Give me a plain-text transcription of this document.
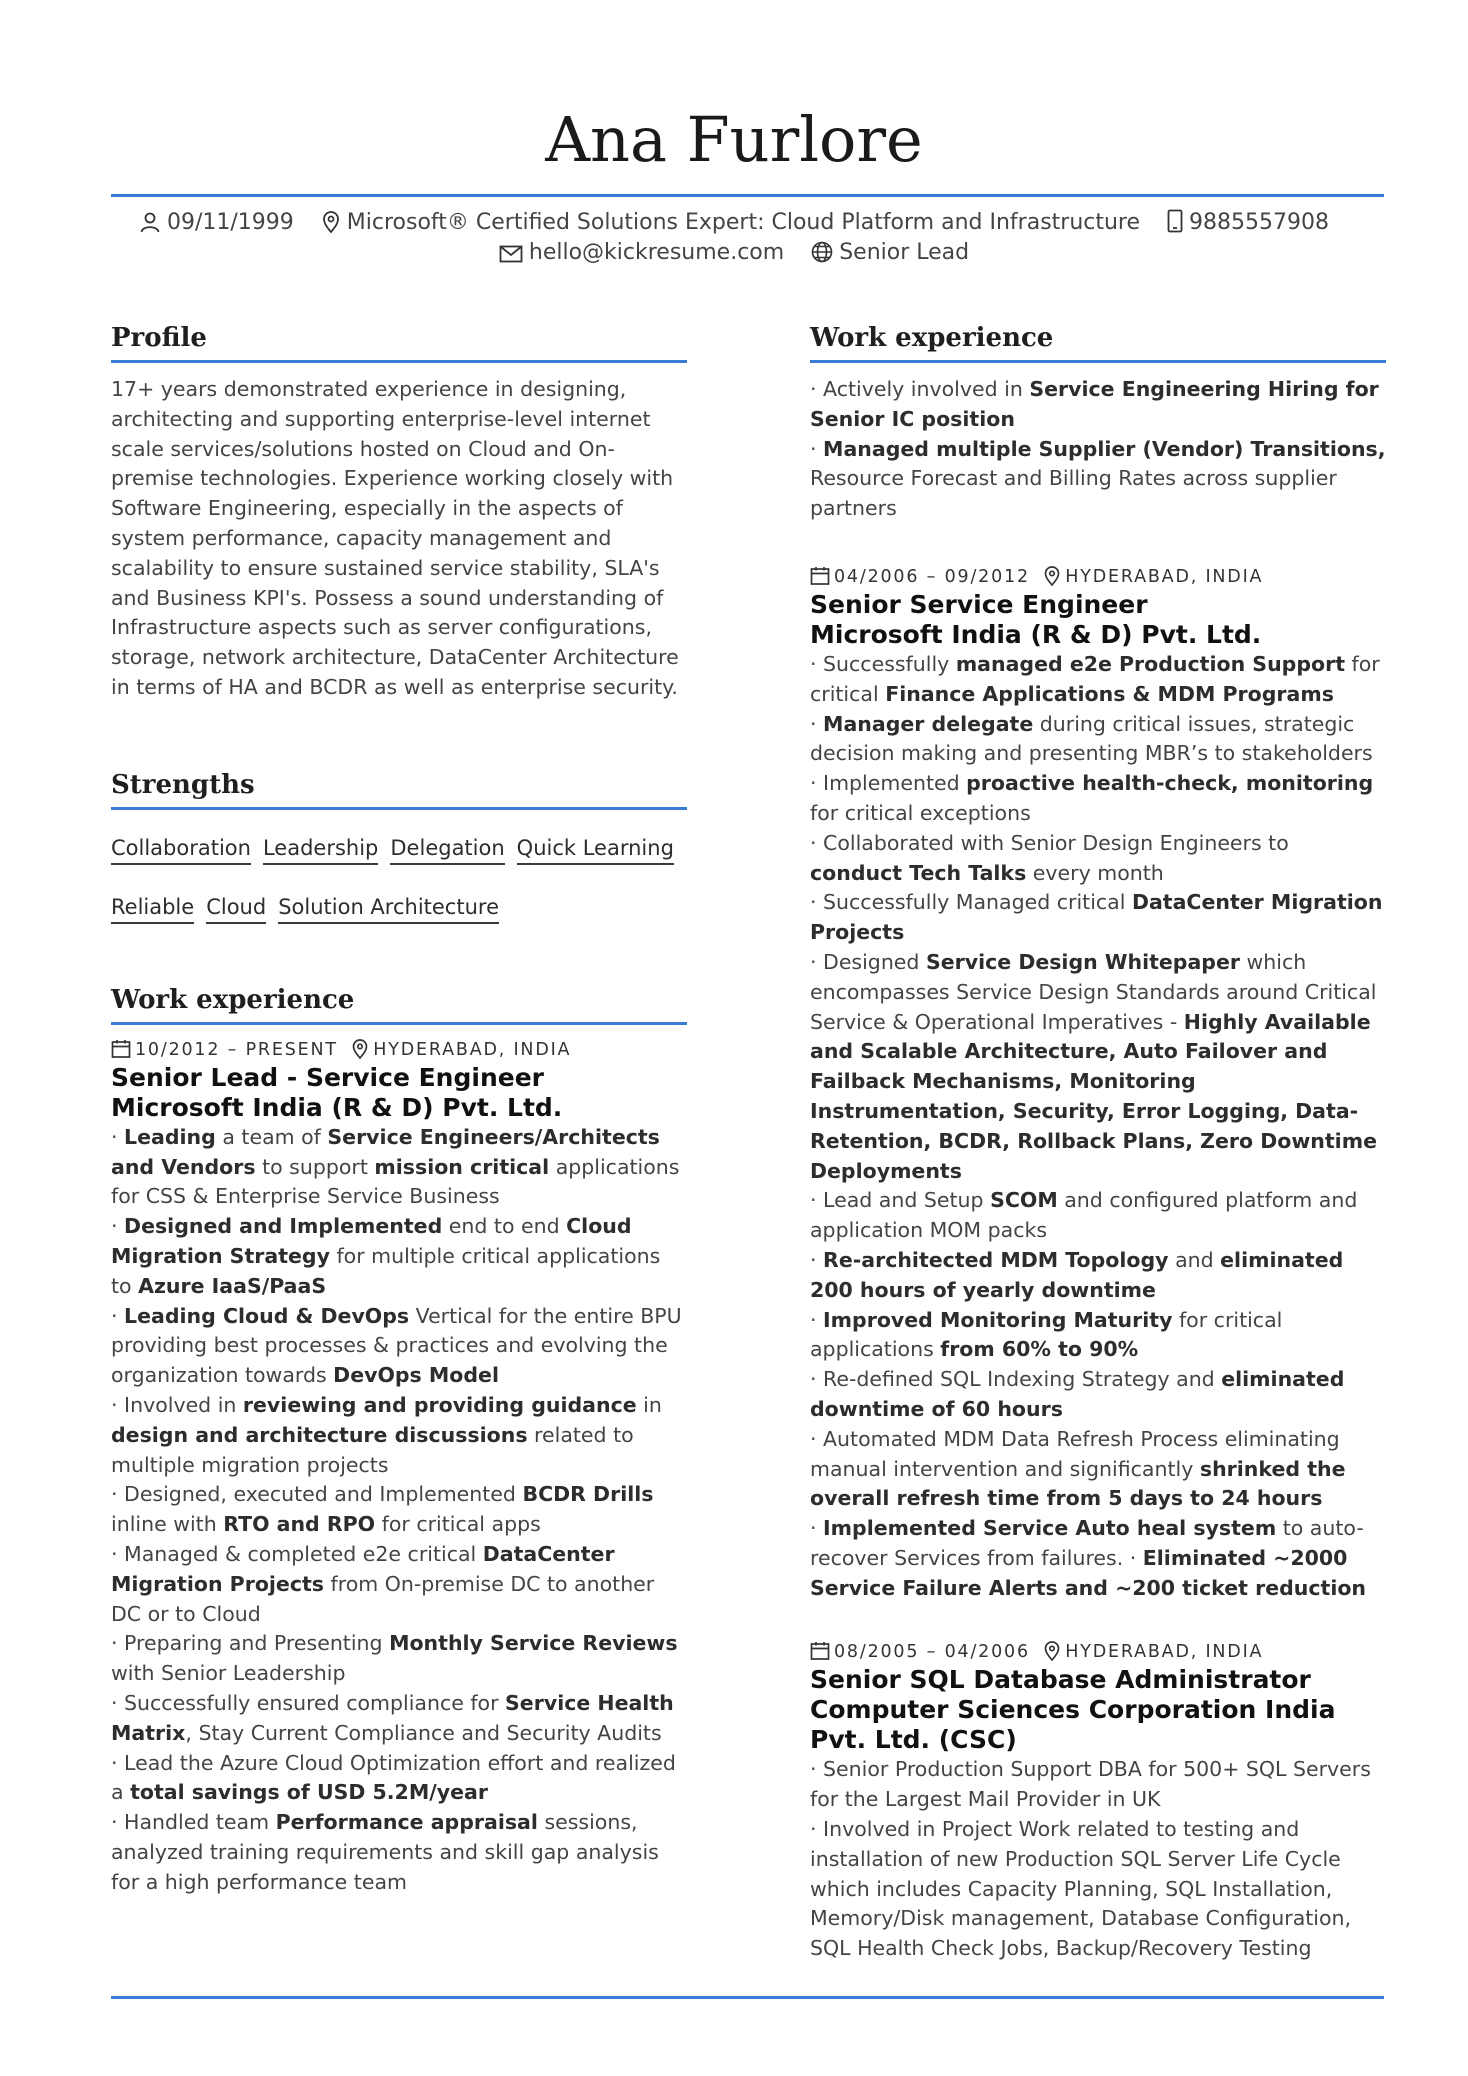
Ana Furlore
09/11/1999 Microsoft® Certified Solutions Expert: Cloud Platform and Infrastructure 9885557908
hello@kickresume.com	Senior Lead
Profile

17+ years demonstrated experience in designing, architecting and supporting enterprise-level internet scale services/solutions hosted on Cloud and On-premise technologies. Experience working closely with Software Engineering, especially in the aspects of system performance, capacity management and scalability to ensure sustained service stability, SLA's and Business KPI's. Possess a sound understanding of Infrastructure aspects such as server configurations, storage, network architecture, DataCenter Architecture in terms of HA and BCDR as well as enterprise security.

Strengths
Collaboration Leadership Delegation Quick Learning
Reliable Cloud Solution Architecture
Work experience
10/2012 – PRESENT HYDERABAD, INDIA
Senior Lead - Service Engineer
Microsoft India (R & D) Pvt. Ltd.
· Leading a team of Service Engineers/Architects and Vendors to support mission critical applications for CSS & Enterprise Service Business
· Designed and Implemented end to end Cloud Migration Strategy for multiple critical applications to Azure IaaS/PaaS
· Leading Cloud & DevOps Vertical for the entire BPU providing best processes & practices and evolving the organization towards DevOps Model
· Involved in reviewing and providing guidance in design and architecture discussions related to multiple migration projects
· Designed, executed and Implemented BCDR Drills inline with RTO and RPO for critical apps
· Managed & completed e2e critical DataCenter Migration Projects from On-premise DC to another DC or to Cloud
· Preparing and Presenting Monthly Service Reviews with Senior Leadership
· Successfully ensured compliance for Service Health Matrix, Stay Current Compliance and Security Audits
· Lead the Azure Cloud Optimization effort and realized a total savings of USD 5.2M/year
· Handled team Performance appraisal sessions, analyzed training requirements and skill gap analysis for a high performance team
Work experience
· Actively involved in Service Engineering Hiring for Senior IC position
· Managed multiple Supplier (Vendor) Transitions, Resource Forecast and Billing Rates across supplier partners
04/2006 – 09/2012 HYDERABAD, INDIA
Senior Service Engineer
Microsoft India (R & D) Pvt. Ltd.
· Successfully managed e2e Production Support for critical Finance Applications & MDM Programs
· Manager delegate during critical issues, strategic decision making and presenting MBR’s to stakeholders
· Implemented proactive health-check, monitoring for critical exceptions
· Collaborated with Senior Design Engineers to conduct Tech Talks every month
· Successfully Managed critical DataCenter Migration Projects
· Designed Service Design Whitepaper which encompasses Service Design Standards around Critical Service & Operational Imperatives - Highly Available and Scalable Architecture, Auto Failover and Failback Mechanisms, Monitoring Instrumentation, Security, Error Logging, Data-Retention, BCDR, Rollback Plans, Zero Downtime Deployments
· Lead and Setup SCOM and configured platform and application MOM packs
· Re-architected MDM Topology and eliminated 200 hours of yearly downtime
· Improved Monitoring Maturity for critical applications from 60% to 90%
· Re-defined SQL Indexing Strategy and eliminated downtime of 60 hours
· Automated MDM Data Refresh Process eliminating manual intervention and significantly shrinked the overall refresh time from 5 days to 24 hours
· Implemented Service Auto heal system to auto-recover Services from failures. · Eliminated ~2000 Service Failure Alerts and ~200 ticket reduction
08/2005 – 04/2006 HYDERABAD, INDIA
Senior SQL Database Administrator
Computer Sciences Corporation India Pvt. Ltd. (CSC)
· Senior Production Support DBA for 500+ SQL Servers for the Largest Mail Provider in UK
· Involved in Project Work related to testing and installation of new Production SQL Server Life Cycle which includes Capacity Planning, SQL Installation, Memory/Disk management, Database Configuration, SQL Health Check Jobs, Backup/Recovery Testing
